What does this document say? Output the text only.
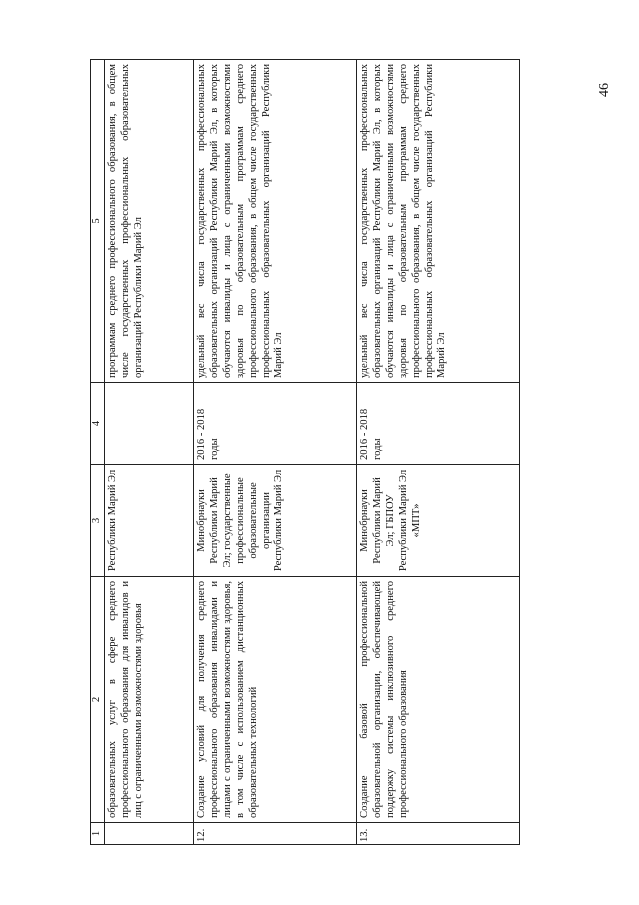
46
1	2	3	4	5
	образовательных услуг в сфере среднего профессионального образования для инвалидов и лиц с ограниченными возможностями здоровья	Республики Марий Эл		программам среднего профессионального образования, в общем числе государственных профессиональных образовательных организаций Республики Марий Эл
12.	Создание условий для получения среднего профессионального образования инвалидами и лицами с ограниченными возможностями здоровья, в том числе с использованием дистанционных образовательных технологий	Минобрнауки Республики Марий Эл; государственные профессиональные образовательные организации Республики Марий Эл	2016 - 2018 годы	удельный вес числа государственных профессиональных образовательных организаций Республики Марий Эл, в которых обучаются инвалиды и лица с ограниченными возможностями здоровья по образовательным программам среднего профессионального образования, в общем числе государственных профессиональных образовательных организаций Республики Марий Эл
13.	Создание базовой профессиональной образовательной организации, обеспечивающей поддержку системы инклюзивного среднего профессионального образования	Минобрнауки Республики Марий Эл; ГБПОУ Республики Марий Эл «МПТ»	2016 - 2018 годы	удельный вес числа государственных профессиональных образовательных организаций Республики Марий Эл, в которых обучаются инвалиды и лица с ограниченными возможностями здоровья по образовательным программам среднего профессионального образования, в общем числе государственных профессиональных образовательных организаций Республики Марий Эл
